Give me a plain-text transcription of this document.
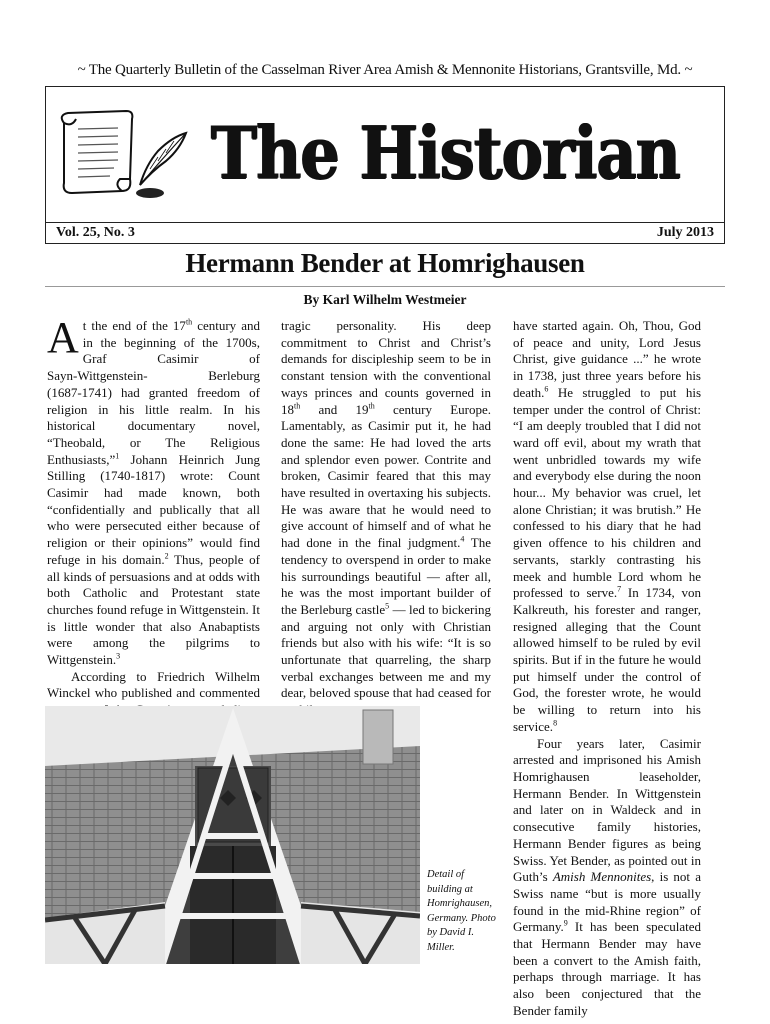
~ The Quarterly Bulletin of the Casselman River Area Amish & Mennonite Historians, Grantsville, Md. ~
The Historian
Vol. 25, No. 3	July 2013
Hermann Bender at Homrighausen
By Karl Wilhelm Westmeier

At the end of the 17th century and in the beginning of the 1700s, Graf Casimir of Sayn‑Wittgenstein‑ Berleburg (1687‑1741) had granted freedom of religion in his little realm. In his historical documentary novel, “Theobald, or The Religious Enthusiasts,”$^1$ Johann Heinrich Jung Stilling (1740-1817) wrote: Count Casimir had made known, both “confidentially and publically that all who were persecuted either because of religion or their opinions” would find refuge in his domain.$^2$ Thus, people of all kinds of persuasions and at odds with both Catholic and Protestant state churches found refuge in Wittgenstein. It is little wonder that also Anabaptists were among the pilgrims to Wittgenstein.$^3$

According to Friedrich Wilhelm Winckel who published and commented

tragic personality. His deep commitment to Christ and Christ’s demands for discipleship seem to be in constant tension with the conventional ways princes and counts governed in 18th and 19th century Europe. Lamentably, as Casimir put it, he had done the same: He had loved the arts and splendor even power. Contrite and broken, Casimir feared that this may have resulted in overtaxing his subjects. He was aware that he would need to give account of himself and of what he had done in the final judgment.$^4$ The tendency to overspend in order to make his surroundings beautiful — after all, he was the most important builder of the Berleburg castle$^5$ — led to bickering and arguing not only with Christian friends but also with his wife: “It is so unfortunate that quarreling, the sharp verbal exchanges between me and my dear, beloved spouse that had ceased for

have started again. Oh, Thou, God of peace and unity, Lord Jesus Christ, give guidance ...” he wrote in 1738, just three years before his death.$^6$ He struggled to put his temper under the control of Christ: “I am deeply troubled that I did not ward off evil, about my wrath that went unbridled towards my wife and everybody else during the noon hour... My behavior was cruel, let alone Christian; it was brutish.” He confessed to his diary that he had given offence to his children and servants, starkly contrasting his meek and humble Lord whom he professed to serve.$^7$ In 1734, von Kalkreuth, his forester and ranger, resigned alleging that the Count allowed himself to be ruled by evil spirits. But if in the future he would put himself under the control of God, the forester wrote, he would be willing to return into his service.$^8$

Four years later, Casimir arrested and imprisoned his Amish Homrighausen leaseholder, Hermann Bender. In Wittgenstein and later on in Waldeck and in consecutive family histories, Hermann Bender figures as being Swiss. Yet Bender, as pointed out in Guth’s Amish Mennonites, is not a Swiss name “but is more usually found in the mid-Rhine region” of Germany.$^9$ It has been speculated that Hermann Bender may have been a convert to the Amish faith, perhaps through marriage. It has also been conjectured that the Bender family

Detail of building at Homrighausen, Germany. Photo by David I. Miller.
